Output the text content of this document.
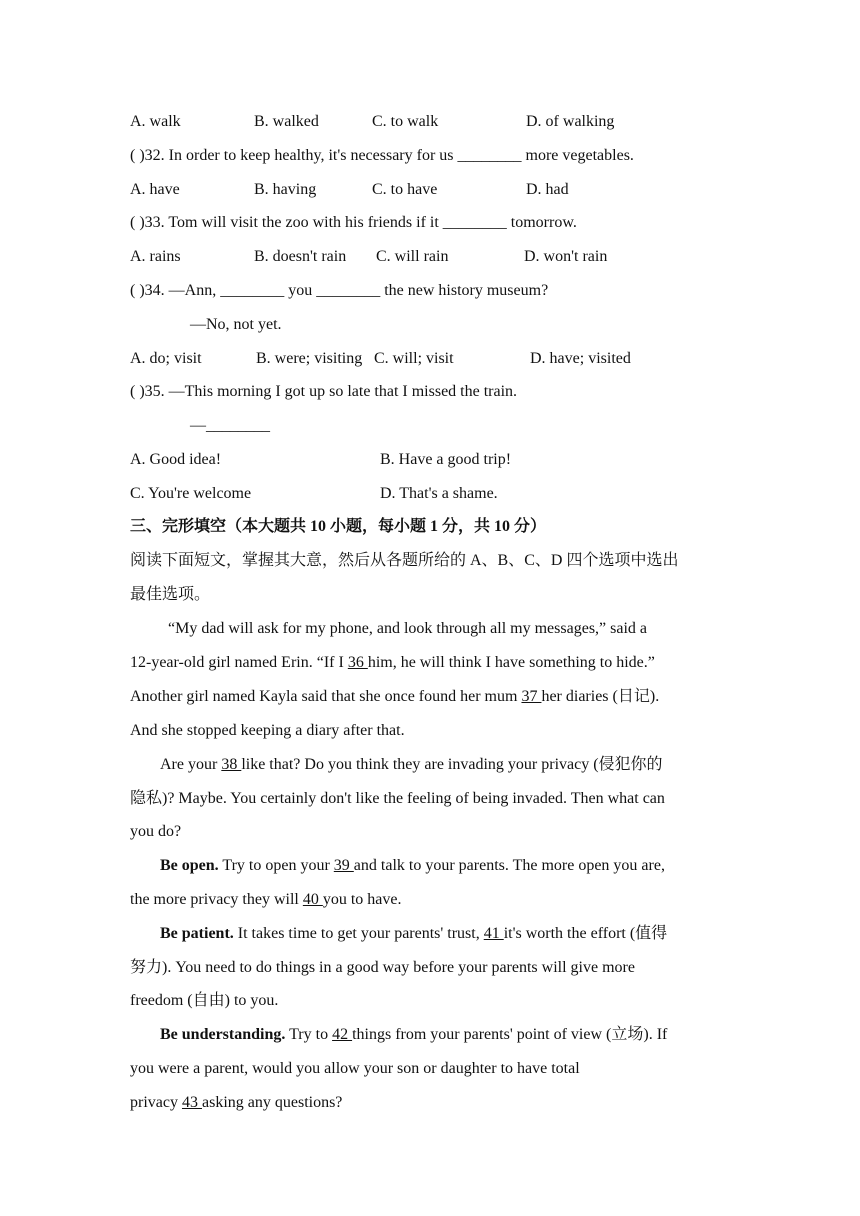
A. walk	B. walked	C. to walk	D. of walking
( )32. In order to keep healthy, it's necessary for us ________ more vegetables.
A. have	B. having	C. to have	D. had
( )33. Tom will visit the zoo with his friends if it ________ tomorrow.
A. rains	B. doesn't rain C. will rain	D. won't rain
( )34. —Ann, ________ you ________ the new history museum?
—No, not yet.
A. do; visit	B. were; visiting C. will; visit	D. have; visited
( )35. —This morning I got up so late that I missed the train.
—________
A. Good idea!	B. Have a good trip!
C. You're welcome	D. That's a shame.
三、完形填空（本大题共 10 小题，每小题 1 分，共 10 分）
阅读下面短文，掌握其大意，然后从各题所给的 A、B、C、D 四个选项中选出
最佳选项。
“My dad will ask for my phone, and look through all my messages,” said a
12-year-old girl named Erin. “If I 36 him, he will think I have something to hide.”
Another girl named Kayla said that she once found her mum 37 her diaries (日记).
And she stopped keeping a diary after that.
Are your 38 like that? Do you think they are invading your privacy (侵犯你的
隐私)? Maybe. You certainly don't like the feeling of being invaded. Then what can
you do?
Be open. Try to open your 39 and talk to your parents. The more open you are,
the more privacy they will 40 you to have.
Be patient. It takes time to get your parents' trust, 41 it's worth the effort (值得
努力). You need to do things in a good way before your parents will give more
freedom (自由) to you.
Be understanding. Try to 42 things from your parents' point of view (立场). If
you were a parent, would you allow your son or daughter to have total
privacy 43 asking any questions?
